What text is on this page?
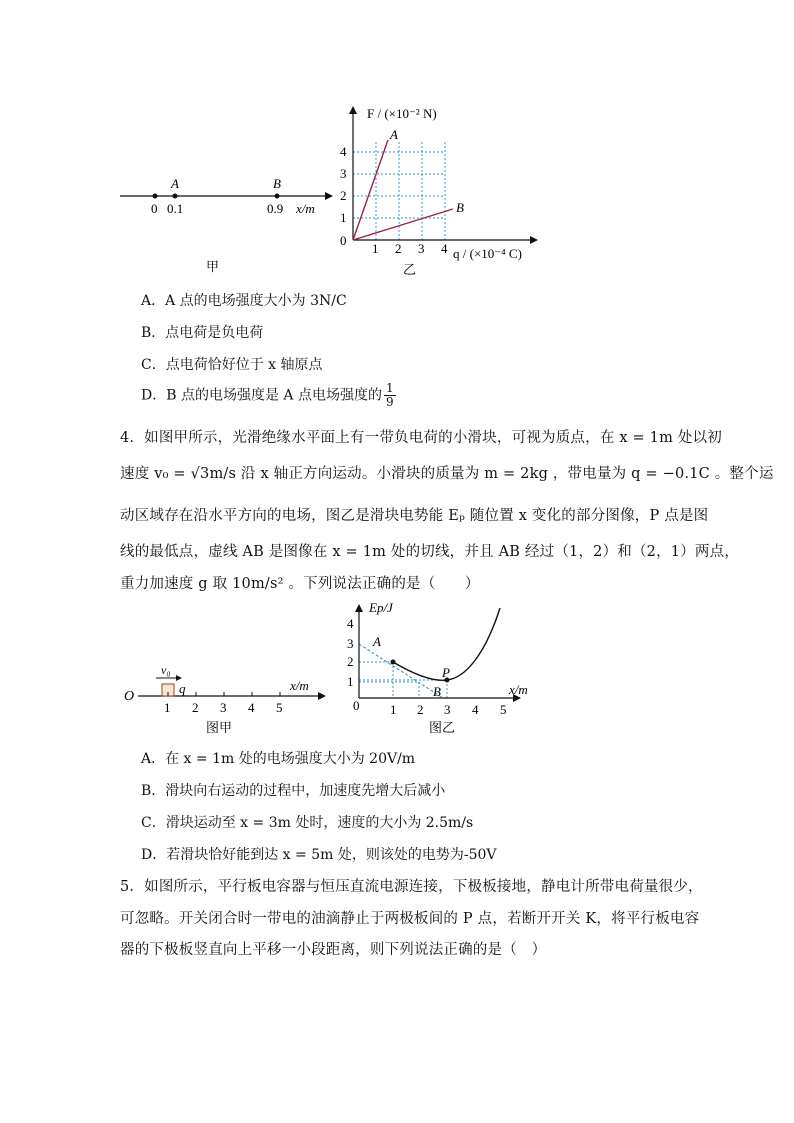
A	B
0 0.1	0.9 x/m
甲
F / (×10⁻² N)
A
B
4
3
2
1
0
1 2 3 4 q / (×10⁻⁴ C)
乙
A．A 点的电场强度大小为 3N/C
B．点电荷是负电荷
C．点电荷恰好位于 x 轴原点
D．B 点的电场强度是 A 点电场强度的 $\frac{1}{9}$
4．如图甲所示，光滑绝缘水平面上有一带负电荷的小滑块，可视为质点，在 x = 1m 处以初
速度 v₀ = √3m/s 沿 x 轴正方向运动。小滑块的质量为 m = 2kg ，带电量为 q = −0.1C 。整个运
动区域存在沿水平方向的电场，图乙是滑块电势能 Eₚ 随位置 x 变化的部分图像，P 点是图
线的最低点，虚线 AB 是图像在 x = 1m 处的切线，并且 AB 经过（1，2）和（2，1）两点，
重力加速度 g 取 10m/s² 。下列说法正确的是（　　）
O
v₀
q
1 2 3 4 5
x/m
图甲
Ep/J
A
P
B
4
3
2
1
0 1 2 3 4 5
x/m
图乙
A．在 x = 1m 处的电场强度大小为 20V/m
B．滑块向右运动的过程中，加速度先增大后减小
C．滑块运动至 x = 3m 处时，速度的大小为 2.5m/s
D．若滑块恰好能到达 x = 5m 处，则该处的电势为-50V
5．如图所示，平行板电容器与恒压直流电源连接，下极板接地，静电计所带电荷量很少，
可忽略。开关闭合时一带电的油滴静止于两极板间的 P 点，若断开开关 K，将平行板电容
器的下极板竖直向上平移一小段距离，则下列说法正确的是（　）
